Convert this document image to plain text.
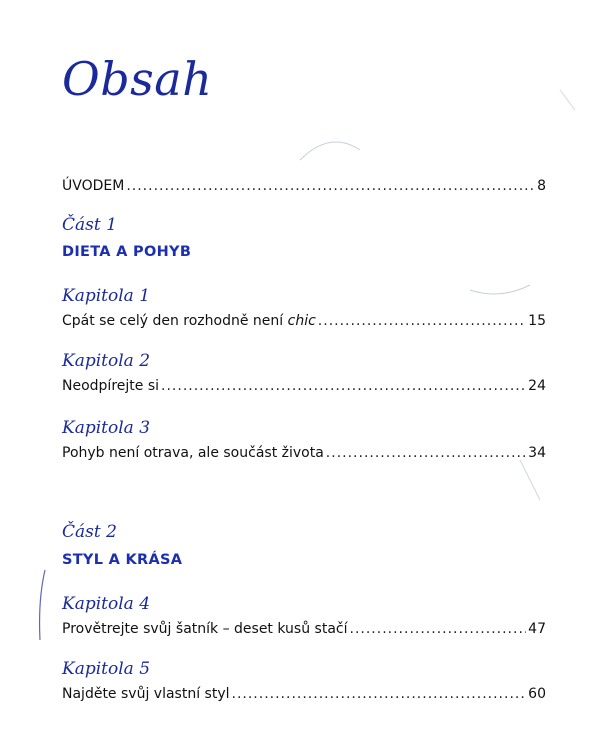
Obsah
ÚVODEM .....	8
Část 1
DIETA A POHYB
Kapitola 1
Cpát se celý den rozhodně není chic .....	15
Kapitola 2
Neodpírejte si .....	24
Kapitola 3
Pohyb není otrava, ale součást života .....	34
Část 2
STYL A KRÁSA
Kapitola 4
Provětrejte svůj šatník – deset kusů stačí .....	47
Kapitola 5
Najděte svůj vlastní styl .....	60
